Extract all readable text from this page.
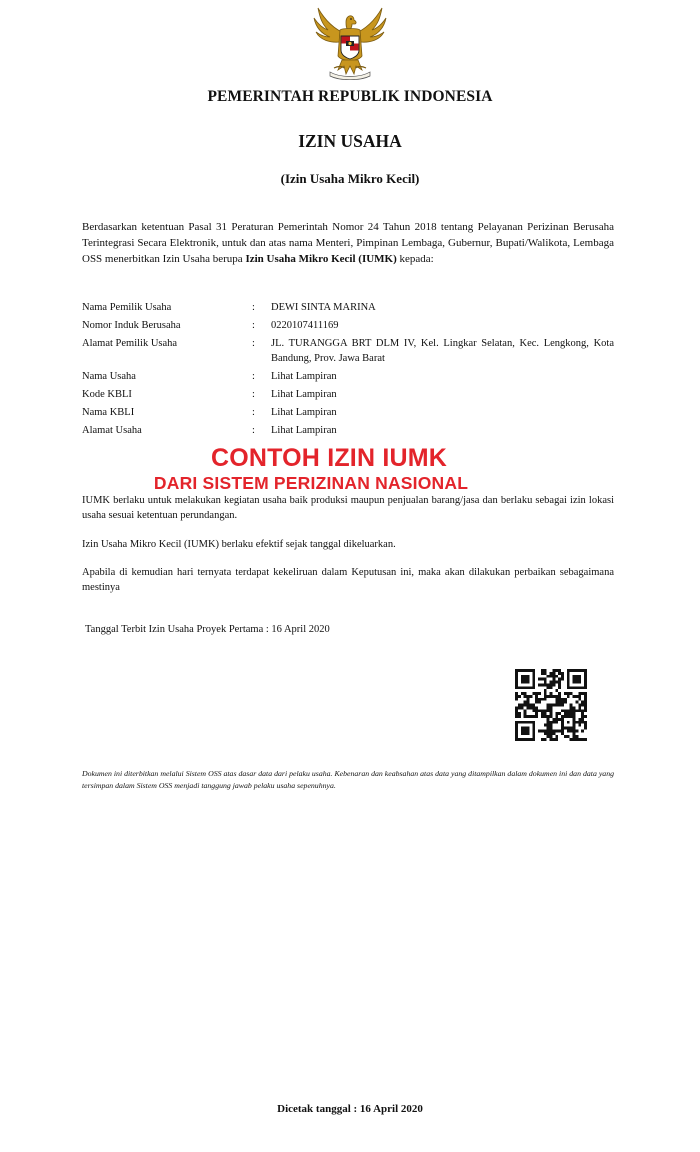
PEMERINTAH REPUBLIK INDONESIA
IZIN USAHA
(Izin Usaha Mikro Kecil)

Berdasarkan ketentuan Pasal 31 Peraturan Pemerintah Nomor 24 Tahun 2018 tentang Pelayanan Perizinan Berusaha Terintegrasi Secara Elektronik, untuk dan atas nama Menteri, Pimpinan Lembaga, Gubernur, Bupati/Walikota, Lembaga OSS menerbitkan Izin Usaha berupa Izin Usaha Mikro Kecil (IUMK) kepada:

Nama Pemilik Usaha	:	DEWI SINTA MARINA
Nomor Induk Berusaha	:	0220107411169
Alamat Pemilik Usaha	:	JL. TURANGGA BRT DLM IV, Kel. Lingkar Selatan, Kec. Lengkong, Kota Bandung, Prov. Jawa Barat
Nama Usaha	:	Lihat Lampiran
Kode KBLI	:	Lihat Lampiran
Nama KBLI	:	Lihat Lampiran
Alamat Usaha	:	Lihat Lampiran
CONTOH IZIN IUMK
DARI SISTEM PERIZINAN NASIONAL

IUMK berlaku untuk melakukan kegiatan usaha baik produksi maupun penjualan barang/jasa dan berlaku sebagai izin lokasi usaha sesuai ketentuan perundangan.

Izin Usaha Mikro Kecil (IUMK) berlaku efektif sejak tanggal dikeluarkan.

Apabila di kemudian hari ternyata terdapat kekeliruan dalam Keputusan ini, maka akan dilakukan perbaikan sebagaimana mestinya

Tanggal Terbit Izin Usaha Proyek Pertama : 16 April 2020

Dokumen ini diterbitkan melalui Sistem OSS atas dasar data dari pelaku usaha. Kebenaran dan keabsahan atas data yang ditampilkan dalam dokumen ini dan data yang tersimpan dalam Sistem OSS menjadi tanggung jawab pelaku usaha sepenuhnya.

Dicetak tanggal : 16 April 2020
